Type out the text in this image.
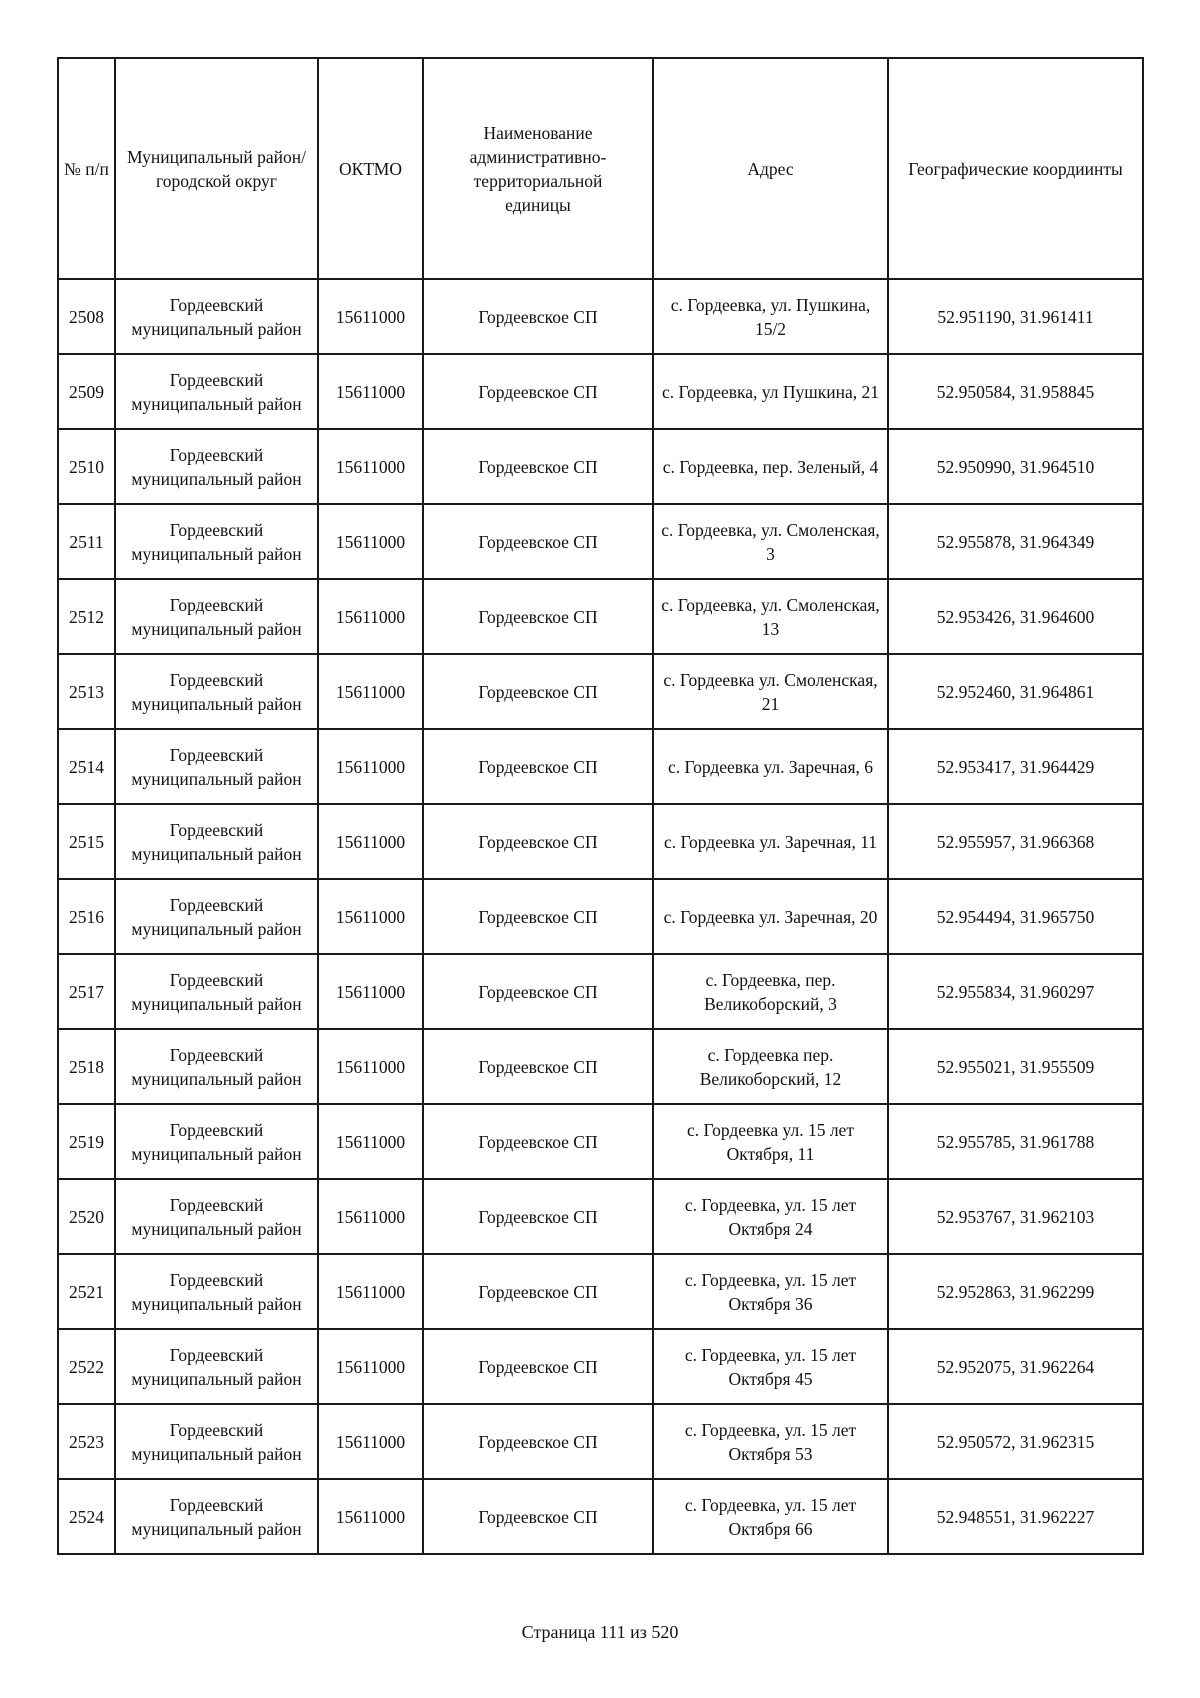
№ п/п	Муниципальный район/городской округ	ОКТМО	Наименование административно-территориальной единицы	Адрес	Географические коордиинты
2508	Гордеевский муниципальный район	15611000	Гордеевское СП	с. Гордеевка, ул. Пушкина, 15/2	52.951190, 31.961411
2509	Гордеевский муниципальный район	15611000	Гордеевское СП	с. Гордеевка, ул Пушкина, 21	52.950584, 31.958845
2510	Гордеевский муниципальный район	15611000	Гордеевское СП	с. Гордеевка, пер. Зеленый, 4	52.950990, 31.964510
2511	Гордеевский муниципальный район	15611000	Гордеевское СП	с. Гордеевка, ул. Смоленская, 3	52.955878, 31.964349
2512	Гордеевский муниципальный район	15611000	Гордеевское СП	с. Гордеевка, ул. Смоленская, 13	52.953426, 31.964600
2513	Гордеевский муниципальный район	15611000	Гордеевское СП	с. Гордеевка ул. Смоленская, 21	52.952460, 31.964861
2514	Гордеевский муниципальный район	15611000	Гордеевское СП	с. Гордеевка ул. Заречная, 6	52.953417, 31.964429
2515	Гордеевский муниципальный район	15611000	Гордеевское СП	с. Гордеевка ул. Заречная, 11	52.955957, 31.966368
2516	Гордеевский муниципальный район	15611000	Гордеевское СП	с. Гордеевка ул. Заречная, 20	52.954494, 31.965750
2517	Гордеевский муниципальный район	15611000	Гордеевское СП	с. Гордеевка, пер. Великоборский, 3	52.955834, 31.960297
2518	Гордеевский муниципальный район	15611000	Гордеевское СП	с. Гордеевка пер. Великоборский, 12	52.955021, 31.955509
2519	Гордеевский муниципальный район	15611000	Гордеевское СП	с. Гордеевка ул. 15 лет Октября, 11	52.955785, 31.961788
2520	Гордеевский муниципальный район	15611000	Гордеевское СП	с. Гордеевка, ул. 15 лет Октября 24	52.953767, 31.962103
2521	Гордеевский муниципальный район	15611000	Гордеевское СП	с. Гордеевка, ул. 15 лет Октября 36	52.952863, 31.962299
2522	Гордеевский муниципальный район	15611000	Гордеевское СП	с. Гордеевка, ул. 15 лет Октября 45	52.952075, 31.962264
2523	Гордеевский муниципальный район	15611000	Гордеевское СП	с. Гордеевка, ул. 15 лет Октября 53	52.950572, 31.962315
2524	Гордеевский муниципальный район	15611000	Гордеевское СП	с. Гордеевка, ул. 15 лет Октября 66	52.948551, 31.962227
Страница 111 из 520
